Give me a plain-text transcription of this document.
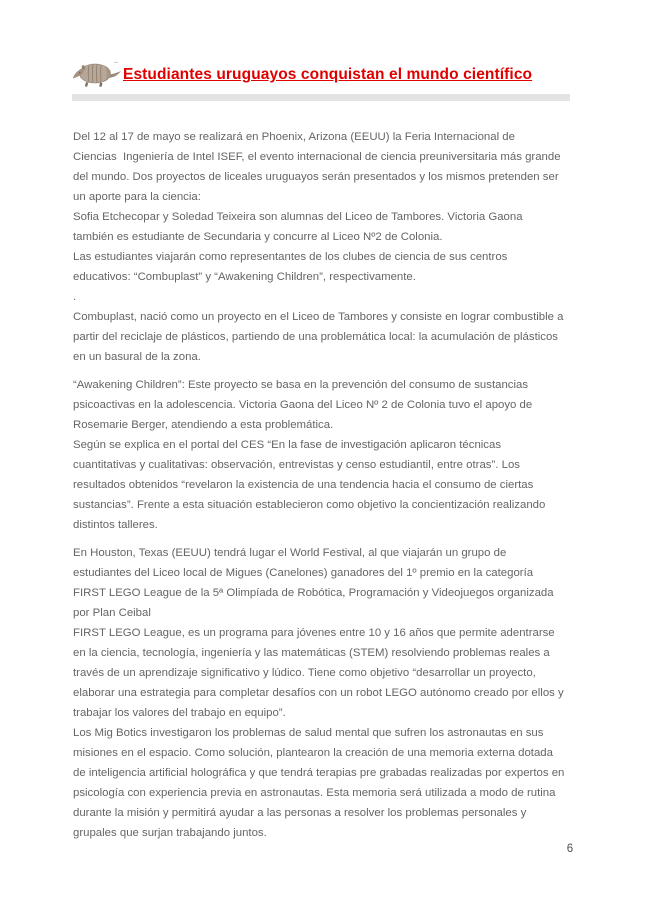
Estudiantes uruguayos conquistan el mundo científico
Del 12 al 17 de mayo se realizará en Phoenix, Arizona (EEUU) la Feria Internacional de
Ciencias  Ingeniería de Intel ISEF, el evento internacional de ciencia preuniversitaria más grande
del mundo. Dos proyectos de liceales uruguayos serán presentados y los mismos pretenden ser
un aporte para la ciencia:
Sofia Etchecopar y Soledad Teixeira son alumnas del Liceo de Tambores. Victoria Gaona
también es estudiante de Secundaria y concurre al Liceo Nº2 de Colonia.
Las estudiantes viajarán como representantes de los clubes de ciencia de sus centros
educativos: “Combuplast” y “Awakening Children”, respectivamente.
.
Combuplast, nació como un proyecto en el Liceo de Tambores y consiste en lograr combustible a
partir del reciclaje de plásticos, partiendo de una problemática local: la acumulación de plásticos
en un basural de la zona.
“Awakening Children”: Este proyecto se basa en la prevención del consumo de sustancias
psicoactivas en la adolescencia. Victoria Gaona del Liceo Nº 2 de Colonia tuvo el apoyo de
Rosemarie Berger, atendiendo a esta problemática.
Según se explica en el portal del CES “En la fase de investigación aplicaron técnicas
cuantitativas y cualitativas: observación, entrevistas y censo estudiantil, entre otras”. Los
resultados obtenidos “revelaron la existencia de una tendencia hacia el consumo de ciertas
sustancias”. Frente a esta situación establecieron como objetivo la concientización realizando
distintos talleres.
En Houston, Texas (EEUU) tendrá lugar el World Festival, al que viajarán un grupo de
estudiantes del Liceo local de Migues (Canelones) ganadores del 1º premio en la categoría
FIRST LEGO League de la 5ª Olimpíada de Robótica, Programación y Videojuegos organizada
por Plan Ceibal
FIRST LEGO League, es un programa para jóvenes entre 10 y 16 años que permite adentrarse
en la ciencia, tecnología, ingeniería y las matemáticas (STEM) resolviendo problemas reales a
través de un aprendizaje significativo y lúdico. Tiene como objetivo “desarrollar un proyecto,
elaborar una estrategia para completar desafíos con un robot LEGO autónomo creado por ellos y
trabajar los valores del trabajo en equipo”.
Los Mig Botics investigaron los problemas de salud mental que sufren los astronautas en sus
misiones en el espacio. Como solución, plantearon la creación de una memoria externa dotada
de inteligencia artificial holográfica y que tendrá terapias pre grabadas realizadas por expertos en
psicología con experiencia previa en astronautas. Esta memoria será utilizada a modo de rutina
durante la misión y permitirá ayudar a las personas a resolver los problemas personales y
grupales que surjan trabajando juntos.
6
